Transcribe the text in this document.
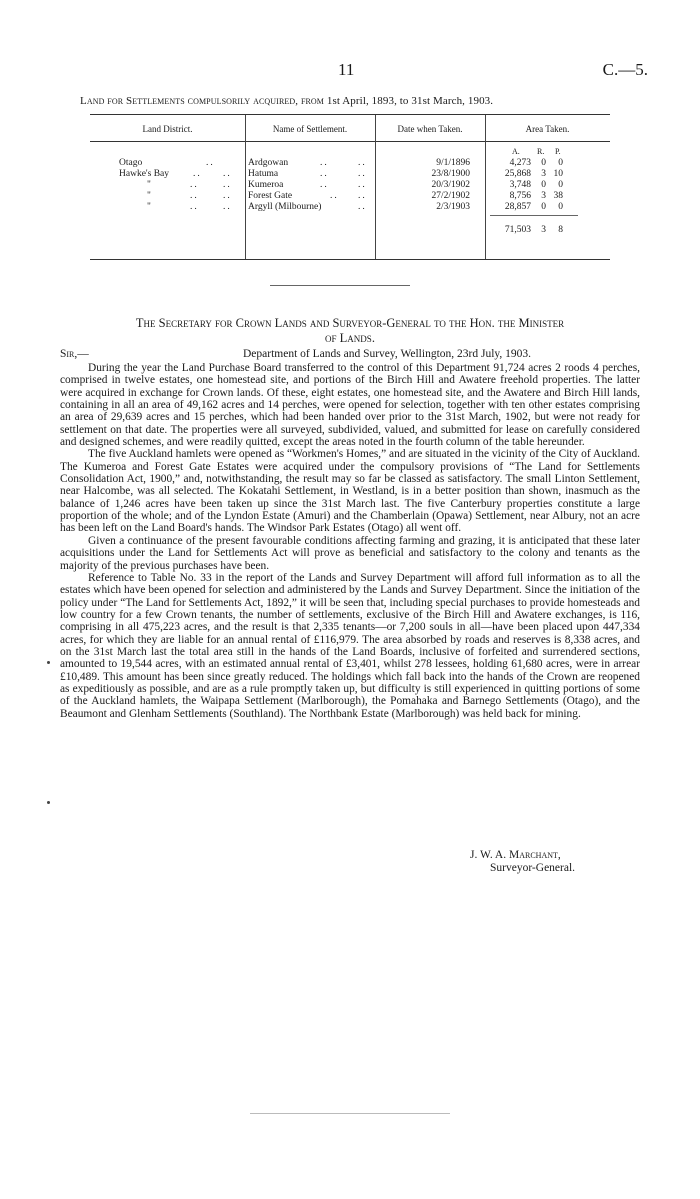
11	C.—5.
Land for Settlements compulsorily acquired, from 1st April, 1893, to 31st March, 1903.
Land District.	Name of Settlement.	Date when Taken.	Area Taken.
A. R. P.
Otago	..	Ardgowan	..	..	9/1/1896	4,273	0	0
Hawke's Bay	.. .. Hatuma	..	..	23/8/1900	25,868	3 10
"	..	.. Kumeroa	..	..	20/3/1902	3,748	0	0
"	..	.. Forest Gate	.. ..	27/2/1902	8,756	3 38
"	..	.. Argyll (Milbourne)	..	2/3/1903	28,857	0	0
71,503	3	8
The Secretary for Crown Lands and Surveyor-General to the Hon. the Minister
of Lands.
Sir,—	Department of Lands and Survey, Wellington, 23rd July, 1903.

During the year the Land Purchase Board transferred to the control of this Department 91,724 acres 2 roods 4 perches, comprised in twelve estates, one homestead site, and portions of the Birch Hill and Awatere freehold properties. The latter were acquired in exchange for Crown lands. Of these, eight estates, one homestead site, and the Awatere and Birch Hill lands, containing in all an area of 49,162 acres and 14 perches, were opened for selection, together with ten other estates comprising an area of 29,639 acres and 15 perches, which had been handed over prior to the 31st March, 1902, but were not ready for settlement on that date. The properties were all surveyed, subdivided, valued, and submitted for lease on carefully considered and designed schemes, and were readily quitted, except the areas noted in the fourth column of the table hereunder.

The five Auckland hamlets were opened as “Workmen's Homes,” and are situated in the vicinity of the City of Auckland. The Kumeroa and Forest Gate Estates were acquired under the compulsory provisions of “The Land for Settlements Consolidation Act, 1900,” and, notwithstanding, the result may so far be classed as satisfactory. The small Linton Settlement, near Halcombe, was all selected. The Kokatahi Settlement, in Westland, is in a better position than shown, inasmuch as the balance of 1,246 acres have been taken up since the 31st March last. The five Canterbury properties constitute a large proportion of the whole; and of the Lyndon Estate (Amuri) and the Chamberlain (Opawa) Settlement, near Albury, not an acre has been left on the Land Board's hands. The Windsor Park Estates (Otago) all went off.

Given a continuance of the present favourable conditions affecting farming and grazing, it is anticipated that these later acquisitions under the Land for Settlements Act will prove as beneficial and satisfactory to the colony and tenants as the majority of the previous purchases have been.

Reference to Table No. 33 in the report of the Lands and Survey Department will afford full information as to all the estates which have been opened for selection and administered by the Lands and Survey Department. Since the initiation of the policy under “The Land for Settlements Act, 1892,” it will be seen that, including special purchases to provide homesteads and low country for a few Crown tenants, the number of settlements, exclusive of the Birch Hill and Awatere exchanges, is 116, comprising in all 475,223 acres, and the result is that 2,335 tenants—or 7,200 souls in all—have been placed upon 447,334 acres, for which they are liable for an annual rental of £116,979. The area absorbed by roads and reserves is 8,338 acres, and on the 31st March last the total area still in the hands of the Land Boards, inclusive of forfeited and surrendered sections, amounted to 19,544 acres, with an estimated annual rental of £3,401, whilst 278 lessees, holding 61,680 acres, were in arrear £10,489. This amount has been since greatly reduced. The holdings which fall back into the hands of the Crown are reopened as expeditiously as possible, and are as a rule promptly taken up, but difficulty is still experienced in quitting portions of some of the Auckland hamlets, the Waipapa Settlement (Marlborough), the Pomahaka and Barnego Settlements (Otago), and the Beaumont and Glenham Settlements (Southland). The Northbank Estate (Marlborough) was held back for mining.

J. W. A. Marchant,
Surveyor-General.
